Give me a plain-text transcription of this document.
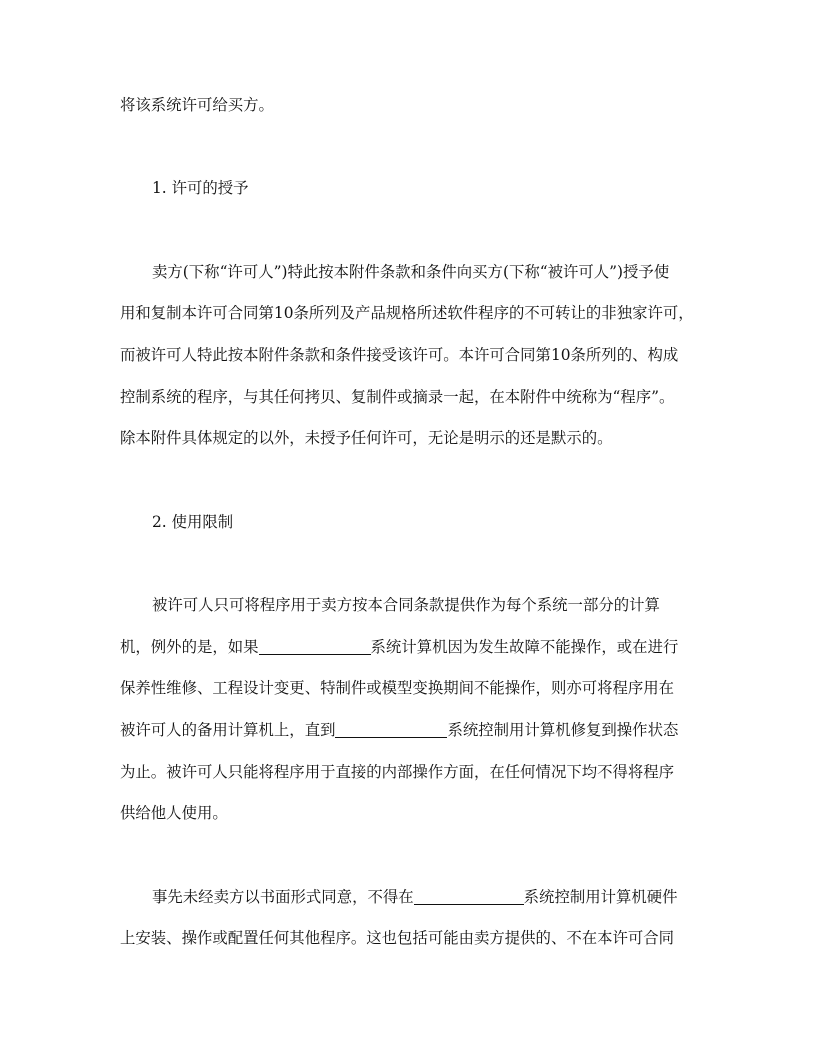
将该系统许可给买方。
1. 许可的授予
卖方(下称“许可人”)特此按本附件条款和条件向买方(下称“被许可人”)授予使
用和复制本许可合同第10条所列及产品规格所述软件程序的不可转让的非独家许可，
而被许可人特此按本附件条款和条件接受该许可。本许可合同第10条所列的、构成
控制系统的程序，与其任何拷贝、复制件或摘录一起，在本附件中统称为“程序”。
除本附件具体规定的以外，未授予任何许可，无论是明示的还是默示的。
2. 使用限制
被许可人只可将程序用于卖方按本合同条款提供作为每个系统一部分的计算
机，例外的是，如果	系统计算机因为发生故障不能操作，或在进行
保养性维修、工程设计变更、特制件或模型变换期间不能操作，则亦可将程序用在
被许可人的备用计算机上，直到	系统控制用计算机修复到操作状态
为止。被许可人只能将程序用于直接的内部操作方面，在任何情况下均不得将程序
供给他人使用。
事先未经卖方以书面形式同意，不得在	系统控制用计算机硬件
上安装、操作或配置任何其他程序。这也包括可能由卖方提供的、不在本许可合同
